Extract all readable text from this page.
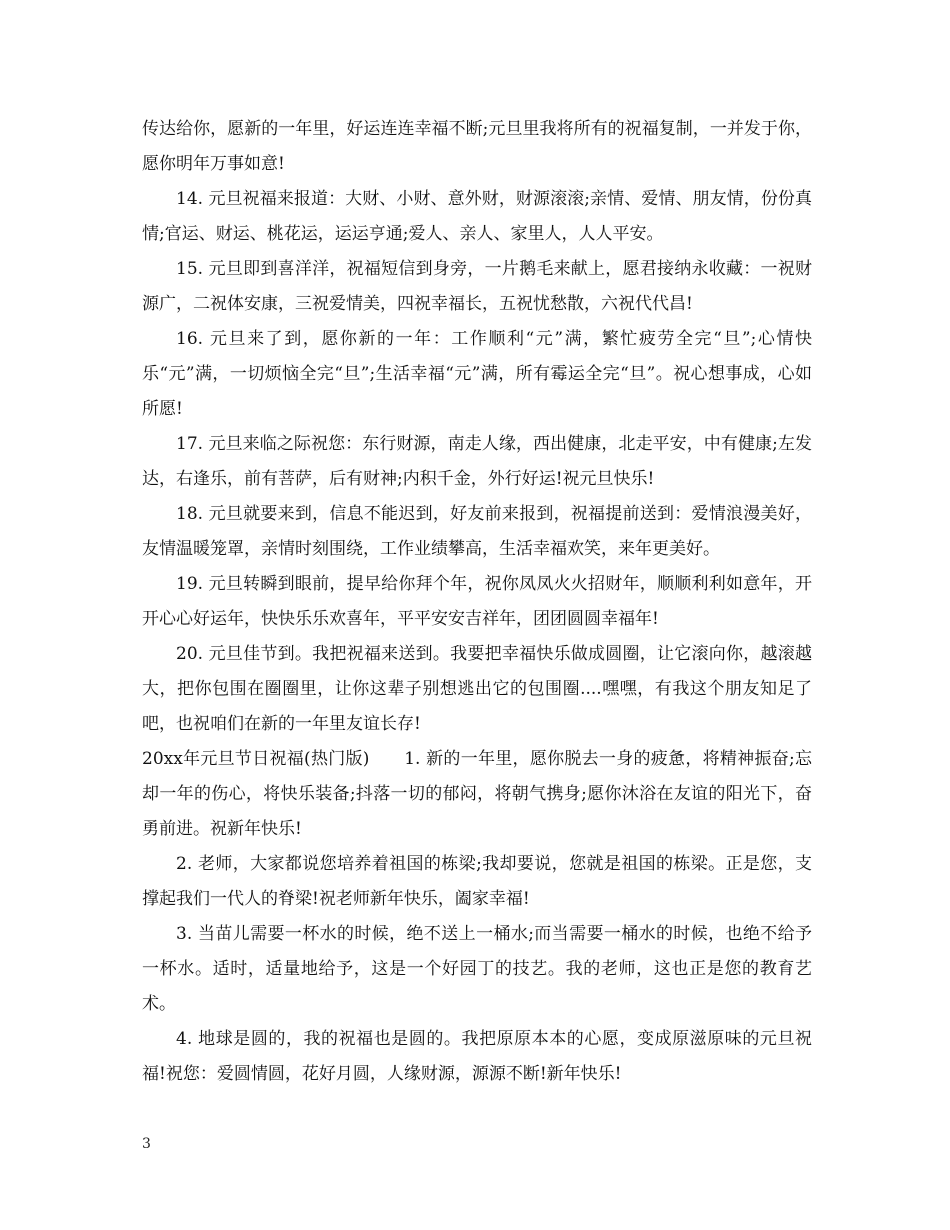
传达给你，愿新的一年里，好运连连幸福不断;元旦里我将所有的祝福复制，一并发于你，愿你明年万事如意!

14. 元旦祝福来报道：大财、小财、意外财，财源滚滚;亲情、爱情、朋友情，份份真情;官运、财运、桃花运，运运亨通;爱人、亲人、家里人，人人平安。

15. 元旦即到喜洋洋，祝福短信到身旁，一片鹅毛来献上，愿君接纳永收藏：一祝财源广，二祝体安康，三祝爱情美，四祝幸福长，五祝忧愁散，六祝代代昌!

16. 元旦来了到，愿你新的一年：工作顺利“元”满，繁忙疲劳全完“旦”;心情快乐“元”满，一切烦恼全完“旦”;生活幸福“元”满，所有霉运全完“旦”。祝心想事成，心如所愿!

17. 元旦来临之际祝您：东行财源，南走人缘，西出健康，北走平安，中有健康;左发达，右逢乐，前有菩萨，后有财神;内积千金，外行好运!祝元旦快乐!

18. 元旦就要来到，信息不能迟到，好友前来报到，祝福提前送到：爱情浪漫美好，友情温暖笼罩，亲情时刻围绕，工作业绩攀高，生活幸福欢笑，来年更美好。

19. 元旦转瞬到眼前，提早给你拜个年，祝你凤凤火火招财年，顺顺利利如意年，开开心心好运年，快快乐乐欢喜年，平平安安吉祥年，团团圆圆幸福年!

20. 元旦佳节到。我把祝福来送到。我要把幸福快乐做成圆圈，让它滚向你，越滚越大，把你包围在圈圈里，让你这辈子别想逃出它的包围圈....嘿嘿，有我这个朋友知足了吧，也祝咱们在新的一年里友谊长存!

20xx年元旦节日祝福(热门版)　　1. 新的一年里，愿你脱去一身的疲惫，将精神振奋;忘却一年的伤心，将快乐装备;抖落一切的郁闷，将朝气携身;愿你沐浴在友谊的阳光下，奋勇前进。祝新年快乐!

2. 老师，大家都说您培养着祖国的栋梁;我却要说，您就是祖国的栋梁。正是您，支撑起我们一代人的脊梁!祝老师新年快乐，阖家幸福!

3. 当苗儿需要一杯水的时候，绝不送上一桶水;而当需要一桶水的时候，也绝不给予一杯水。适时，适量地给予，这是一个好园丁的技艺。我的老师，这也正是您的教育艺术。

4. 地球是圆的，我的祝福也是圆的。我把原原本本的心愿，变成原滋原味的元旦祝福!祝您：爱圆情圆，花好月圆，人缘财源，源源不断!新年快乐!

3
